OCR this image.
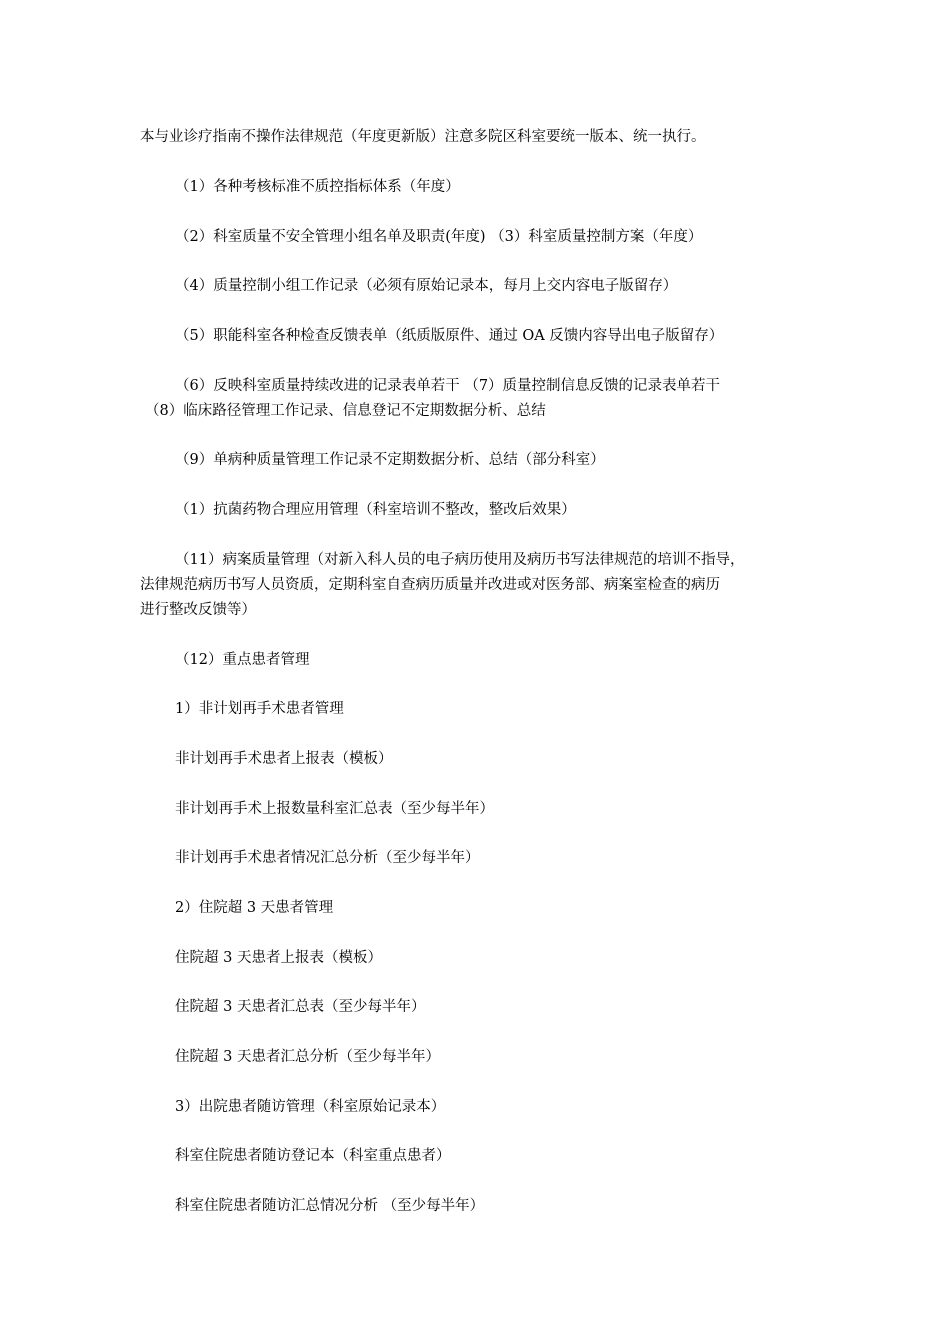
本与业诊疗指南不操作法律规范（年度更新版）注意多院区科室要统一版本、统一执行。

（1）各种考核标准不质控指标体系（年度）

（2）科室质量不安全管理小组名单及职责(年度) （3）科室质量控制方案（年度）

（4）质量控制小组工作记录（必须有原始记录本，每月上交内容电子版留存）

（5）职能科室各种检查反馈表单（纸质版原件、通过 OA 反馈内容导出电子版留存）

（6）反映科室质量持续改进的记录表单若干 （7）质量控制信息反馈的记录表单若干

（8）临床路径管理工作记录、信息登记不定期数据分析、总结

（9）单病种质量管理工作记录不定期数据分析、总结（部分科室）

（1）抗菌药物合理应用管理（科室培训不整改，整改后效果）

（11）病案质量管理（对新入科人员的电子病历使用及病历书写法律规范的培训不指导，

法律规范病历书写人员资质，定期科室自查病历质量并改进或对医务部、病案室检查的病历

进行整改反馈等）

（12）重点患者管理

1）非计划再手术患者管理

非计划再手术患者上报表（模板）

非计划再手术上报数量科室汇总表（至少每半年）

非计划再手术患者情况汇总分析（至少每半年）

2）住院超 3 天患者管理

住院超 3 天患者上报表（模板）

住院超 3 天患者汇总表（至少每半年）

住院超 3 天患者汇总分析（至少每半年）

3）出院患者随访管理（科室原始记录本）

科室住院患者随访登记本（科室重点患者）

科室住院患者随访汇总情况分析 （至少每半年）
